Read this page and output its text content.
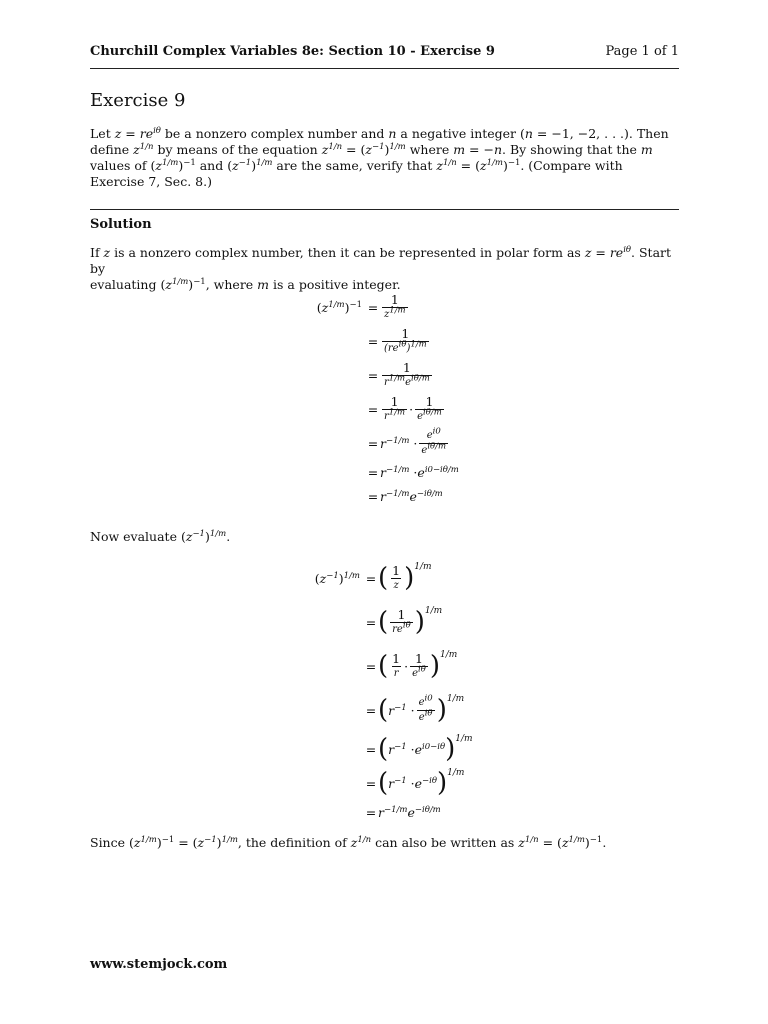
Churchill Complex Variables 8e: Section 10 - Exercise 9	Page 1 of 1
Exercise 9
Let $z = re^{i\theta}$ be a nonzero complex number and n a negative integer (n = −1, −2, . . .). Then
define $z^{1/n}$ by means of the equation $z^{1/n} = (z^{-1})^{1/m}$ where m = −n. By showing that the m
values of $(z^{1/m})^{-1}$ and $(z^{-1})^{1/m}$ are the same, verify that $z^{1/n} = (z^{1/m})^{-1}$. (Compare with
Exercise 7, Sec. 8.)
Solution
If z is a nonzero complex number, then it can be represented in polar form as $z = re^{i\theta}$. Start by
evaluating $(z^{1/m})^{-1}$, where m is a positive integer.
$(z^{1/m})^{-1} = \frac{1}{z^{1/m}}$
= $\frac{1}{(re^{i\theta})^{1/m}}$
= $\frac{1}{r^{1/m}e^{i\theta/m}}$
= $\frac{1}{r^{1/m}} \cdot \frac{1}{e^{i\theta/m}}$
= $r^{-1/m} \cdot \frac{e^{i0}}{e^{i\theta/m}}$
= $r^{-1/m} \cdot e^{i0-i\theta/m}$
= $r^{-1/m}e^{-i\theta/m}$
Now evaluate $(z^{-1})^{1/m}$.
$(z^{-1})^{1/m}$ = ( $\frac{1}{z}$ ) 1/m
= ( $\frac{1}{re^{i\theta}}$ ) 1/m
= ( $\frac{1}{r} \cdot \frac{1}{e^{i\theta}}$ ) 1/m
= ( $r^{-1} \cdot \frac{e^{i0}}{e^{i\theta}}$ ) 1/m
= ( $r^{-1} \cdot e^{i0-i\theta}$ ) 1/m
= ( $r^{-1} \cdot e^{-i\theta}$ ) 1/m
= $r^{-1/m}e^{-i\theta/m}$
Since $(z^{1/m})^{-1} = (z^{-1})^{1/m}$, the definition of $z^{1/n}$ can also be written as $z^{1/n} = (z^{1/m})^{-1}$.
www.stemjock.com
